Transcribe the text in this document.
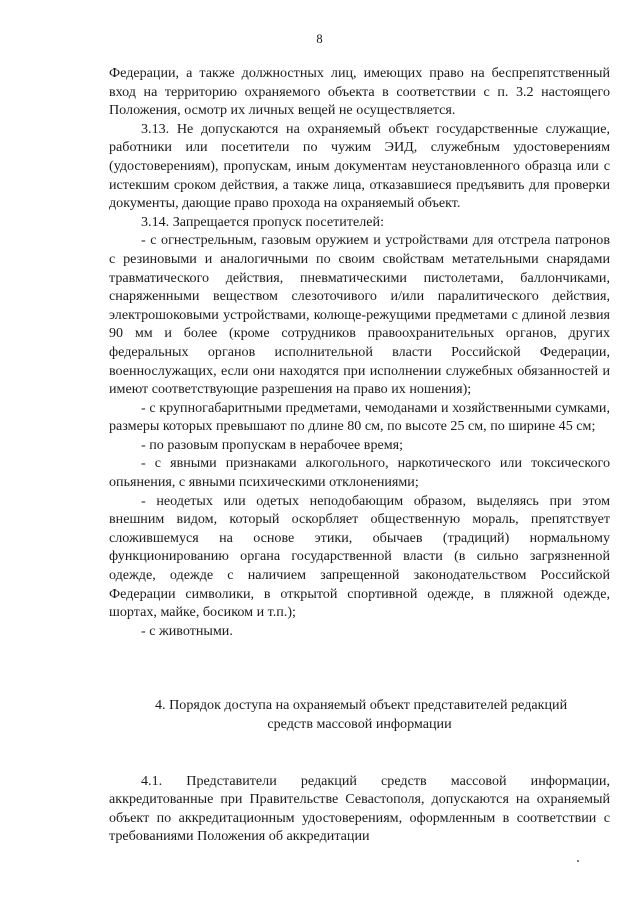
8

Федерации, а также должностных лиц, имеющих право на беспрепятственный вход на территорию охраняемого объекта в соответствии с п. 3.2 настоящего Положения, осмотр их личных вещей не осуществляется.

3.13. Не допускаются на охраняемый объект государственные служащие, работники или посетители по чужим ЭИД, служебным удостоверениям (удостоверениям), пропускам, иным документам неустановленного образца или с истекшим сроком действия, а также лица, отказавшиеся предъявить для проверки документы, дающие право прохода на охраняемый объект.

3.14. Запрещается пропуск посетителей:

- с огнестрельным, газовым оружием и устройствами для отстрела патронов с резиновыми и аналогичными по своим свойствам метательными снарядами травматического действия, пневматическими пистолетами, баллончиками, снаряженными веществом слезоточивого и/или паралитического действия, электрошоковыми устройствами, колюще-режущими предметами с длиной лезвия 90 мм и более (кроме сотрудников правоохранительных органов, других федеральных органов исполнительной власти Российской Федерации, военнослужащих, если они находятся при исполнении служебных обязанностей и имеют соответствующие разрешения на право их ношения);

- с крупногабаритными предметами, чемоданами и хозяйственными сумками, размеры которых превышают по длине 80 см, по высоте 25 см, по ширине 45 см;

- по разовым пропускам в нерабочее время;

- с явными признаками алкогольного, наркотического или токсического опьянения, с явными психическими отклонениями;

- неодетых или одетых неподобающим образом, выделяясь при этом внешним видом, который оскорбляет общественную мораль, препятствует сложившемуся на основе этики, обычаев (традиций) нормальному функционированию органа государственной власти (в сильно загрязненной одежде, одежде с наличием запрещенной законодательством Российской Федерации символики, в открытой спортивной одежде, в пляжной одежде, шортах, майке, босиком и т.п.);

- с животными.

4. Порядок доступа на охраняемый объект представителей редакций

средств массовой информации

4.1. Представители редакций средств массовой информации, аккредитованные при Правительстве Севастополя, допускаются на охраняемый объект по аккредитационным удостоверениям, оформленным в соответствии с требованиями Положения об аккредитации
